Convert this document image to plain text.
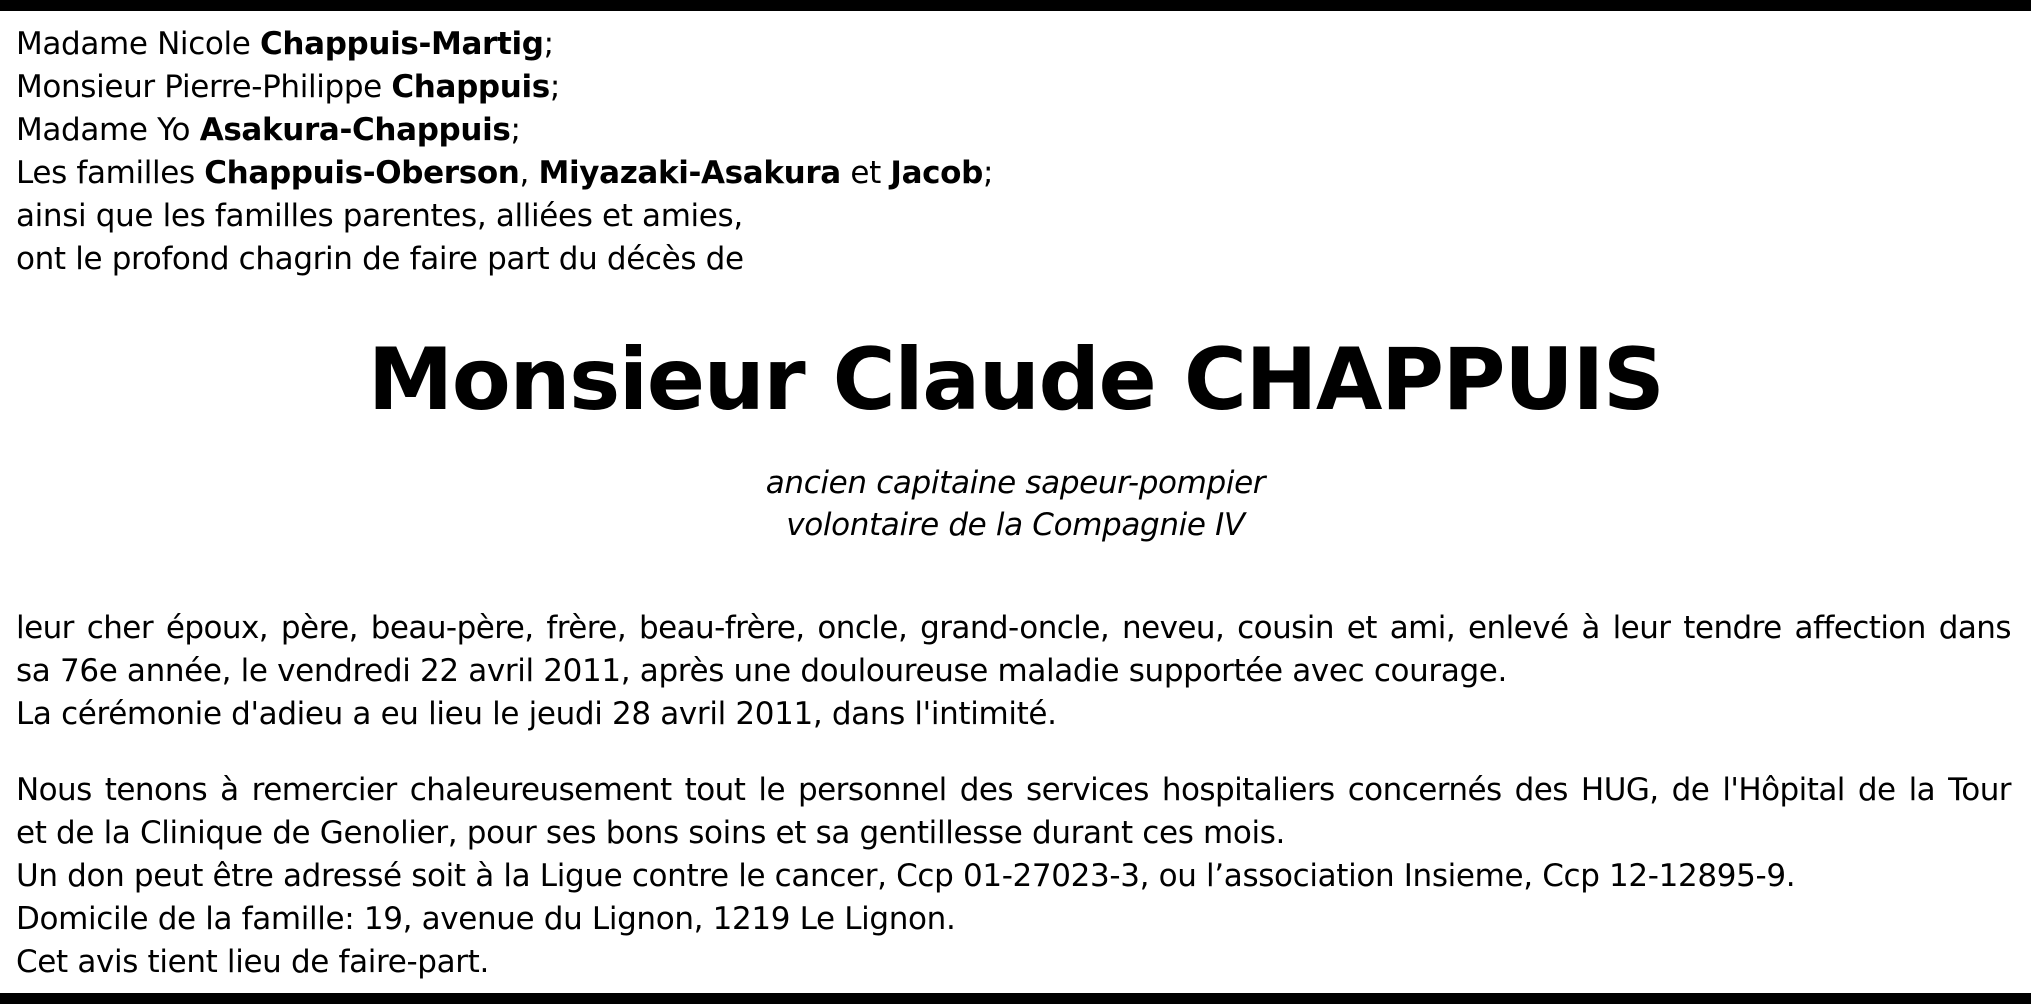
Madame Nicole Chappuis-Martig;
Monsieur Pierre-Philippe Chappuis;
Madame Yo Asakura-Chappuis;
Les familles Chappuis-Oberson, Miyazaki-Asakura et Jacob;
ainsi que les familles parentes, alliées et amies,
ont le profond chagrin de faire part du décès de
Monsieur Claude CHAPPUIS
ancien capitaine sapeur-pompier
volontaire de la Compagnie IV
leur cher époux, père, beau-père, frère, beau-frère, oncle, grand-oncle, neveu, cousin et ami, enlevé à leur tendre affection dans
sa 76e année, le vendredi 22 avril 2011, après une douloureuse maladie supportée avec courage.
La cérémonie d'adieu a eu lieu le jeudi 28 avril 2011, dans l'intimité.
Nous tenons à remercier chaleureusement tout le personnel des services hospitaliers concernés des HUG, de l'Hôpital de la Tour
et de la Clinique de Genolier, pour ses bons soins et sa gentillesse durant ces mois.
Un don peut être adressé soit à la Ligue contre le cancer, Ccp 01-27023-3, ou l’association Insieme, Ccp 12-12895-9.
Domicile de la famille: 19, avenue du Lignon, 1219 Le Lignon.
Cet avis tient lieu de faire-part.
